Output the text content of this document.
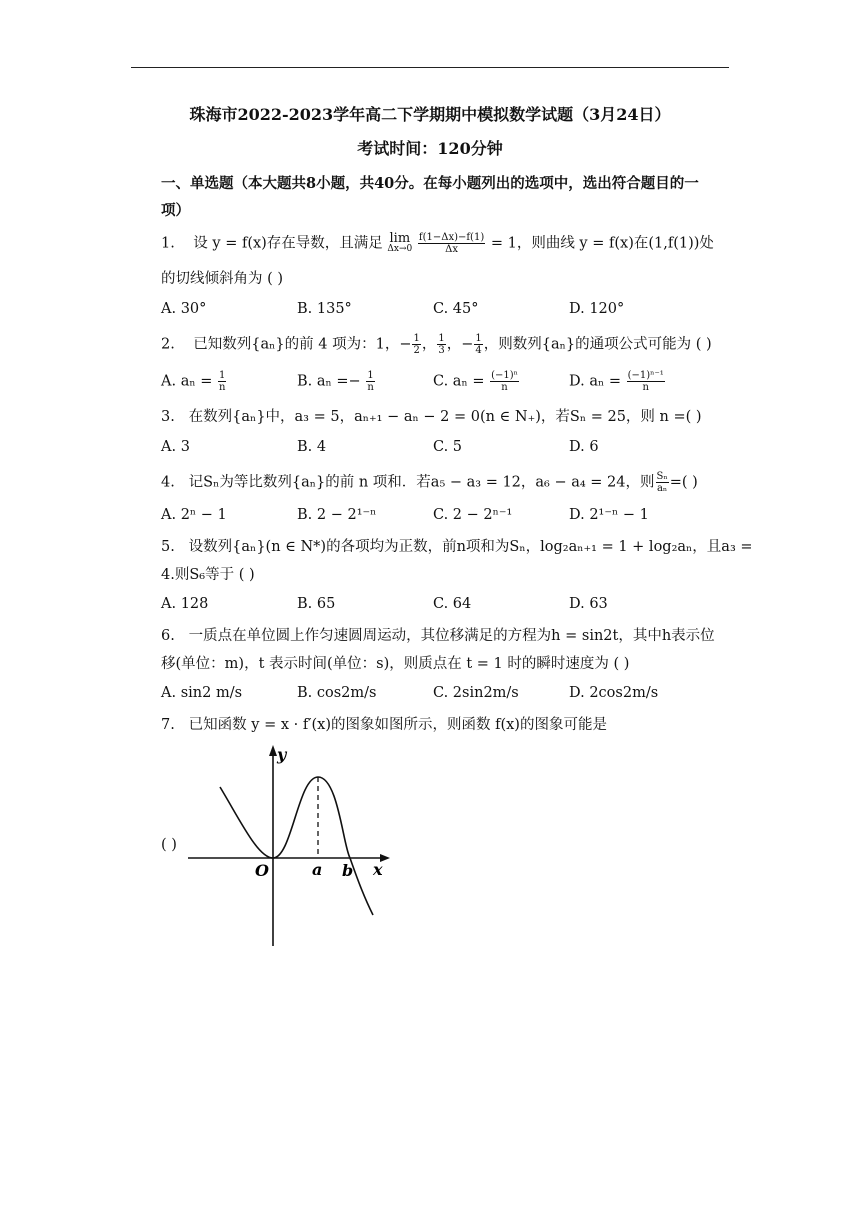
珠海市2022-2023学年高二下学期期中模拟数学试题（3月24日）
考试时间：120分钟
一、单选题（本大题共8小题，共40分。在每小题列出的选项中，选出符合题目的一
项）
1. 设 y = f(x)存在导数，且满足 lim
Δx→0
$\frac{f(1-\Delta x)-f(1)}{\Delta x} = 1$，则曲线 y = f(x)在(1,f(1))处
的切线倾斜角为 ( )
A. 30°	B. 135°	C. 45°	D. 120°
2. 已知数列{aₙ}的前 4 项为：1，− $\frac{1}{2}$ ， $\frac{1}{3}$ ，− $\frac{1}{4}$ ，则数列{aₙ}的通项公式可能为 ( )
A. $a_n = \frac{1}{n}$	B. $a_n =- \frac{1}{n}$	C. $a_n = \frac{\text{(−1)ⁿ}}{n}$	D. $a_n = \frac{\text{(−1)ⁿ⁻¹}}{n}$
3. 在数列{aₙ}中，a₃ = 5，aₙ₊₁ − aₙ − 2 = 0(n ∈ N₊)，若Sₙ = 25，则 n =( )
A. 3	B. 4	C. 5	D. 6
4. 记Sₙ为等比数列{aₙ}的前 n 项和．若a₅ − a₃ = 12，a₆ − a₄ = 24，则 $\frac{\text{Sₙ}}{\text{aₙ}}$ =( )
A. 2ⁿ − 1	B. 2 − 2¹⁻ⁿ	C. 2 − 2ⁿ⁻¹	D. 2¹⁻ⁿ − 1
5. 设数列{aₙ}(n ∈ N*)的各项均为正数，前n项和为Sₙ，log₂aₙ₊₁ = 1 + log₂aₙ，且a₃ =
4.则S₆等于 ( )
A. 128	B. 65	C. 64	D. 63
6. 一质点在单位圆上作匀速圆周运动，其位移满足的方程为h = sin2t，其中h表示位
移(单位：m)，t 表示时间(单位：s)，则质点在 t = 1 时的瞬时速度为 ( )
A. sin2 m/s	B. cos2m/s	C. 2sin2m/s	D. 2cos2m/s
7. 已知函数 y = x · f′(x)的图象如图所示，则函数 f(x)的图象可能是
( )
y
x
O	a b
